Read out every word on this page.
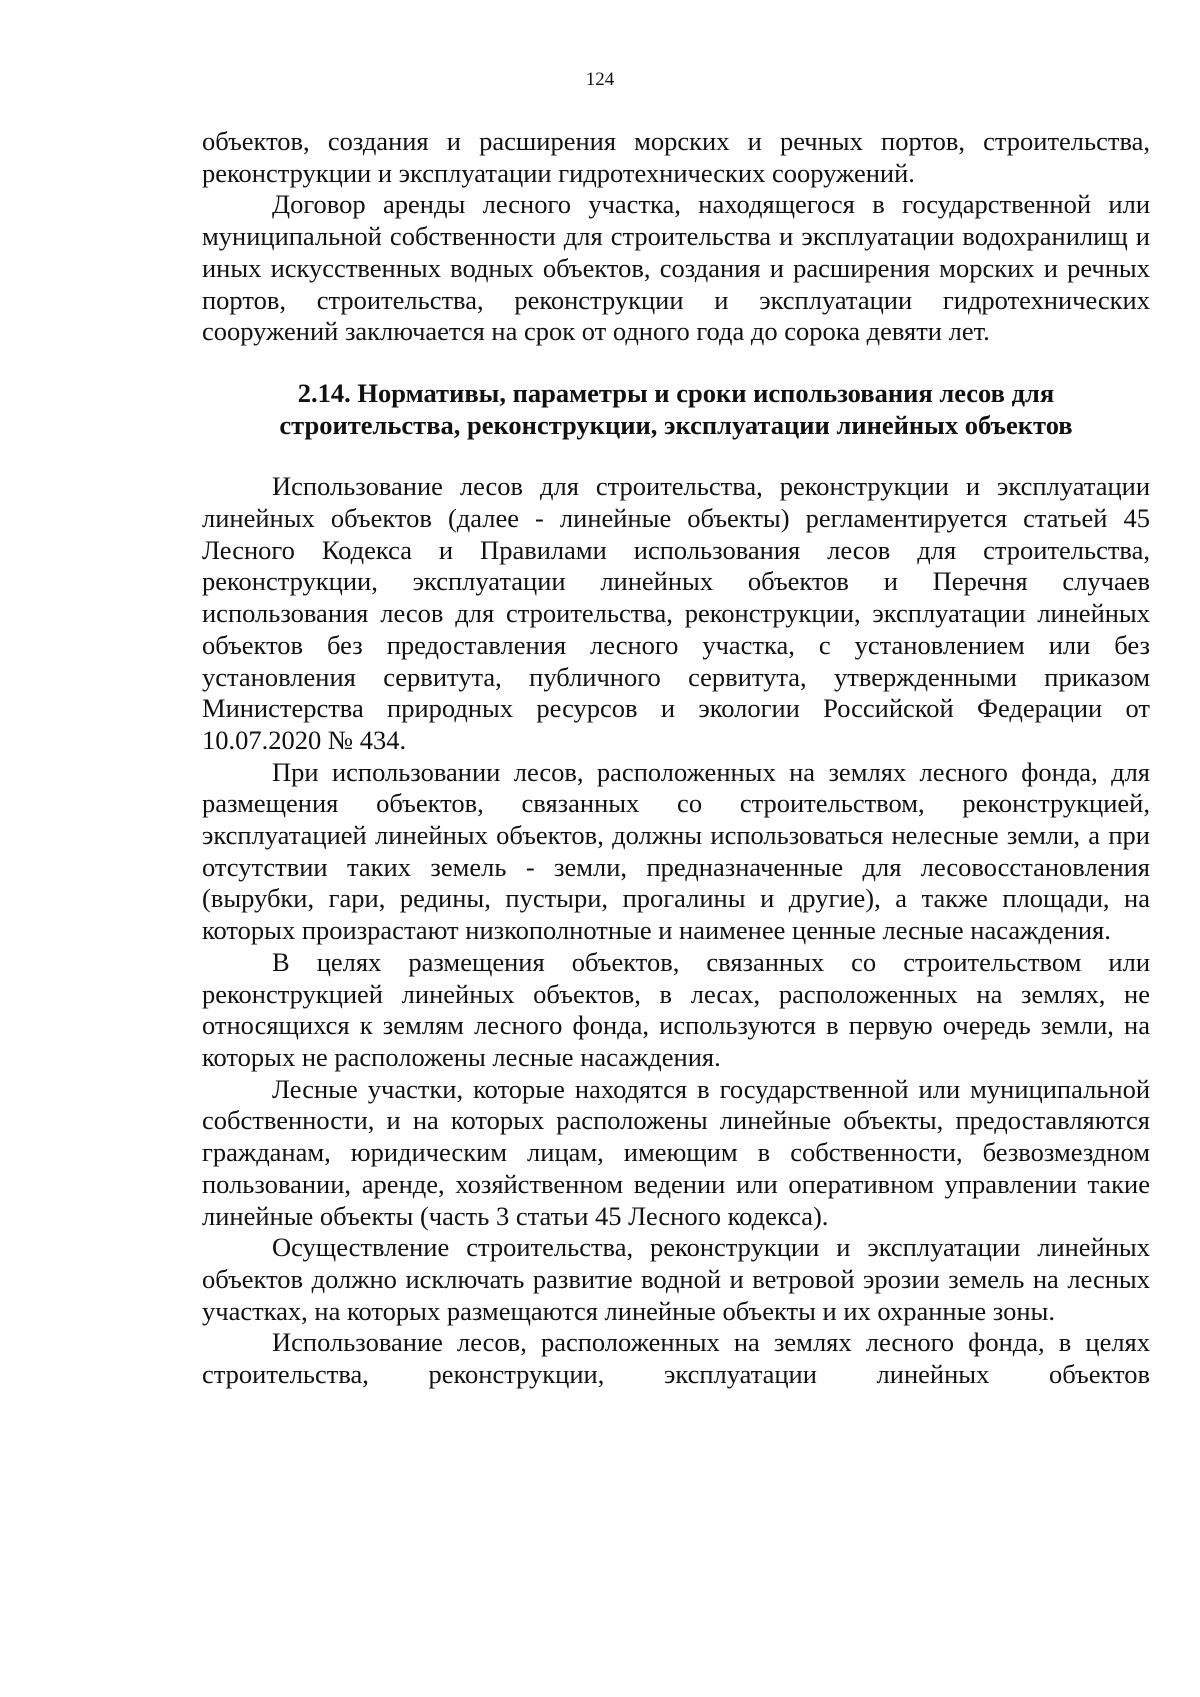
124

объектов, создания и расширения морских и речных портов, строительства, реконструкции и эксплуатации гидротехнических сооружений.

Договор аренды лесного участка, находящегося в государственной или муниципальной собственности для строительства и эксплуатации водохранилищ и иных искусственных водных объектов, создания и расширения морских и речных портов, строительства, реконструкции и эксплуатации гидротехнических сооружений заключается на срок от одного года до сорока девяти лет.

2.14. Нормативы, параметры и сроки использования лесов для
строительства, реконструкции, эксплуатации линейных объектов

Использование лесов для строительства, реконструкции и эксплуатации линейных объектов (далее - линейные объекты) регламентируется статьей 45 Лесного Кодекса и Правилами использования лесов для строительства, реконструкции, эксплуатации линейных объектов и Перечня случаев использования лесов для строительства, реконструкции, эксплуатации линейных объектов без предоставления лесного участка, с установлением или без установления сервитута, публичного сервитута, утвержденными приказом Министерства природных ресурсов и экологии Российской Федерации от 10.07.2020 № 434.

При использовании лесов, расположенных на землях лесного фонда, для размещения объектов, связанных со строительством, реконструкцией, эксплуатацией линейных объектов, должны использоваться нелесные земли, а при отсутствии таких земель - земли, предназначенные для лесовосстановления (вырубки, гари, редины, пустыри, прогалины и другие), а также площади, на которых произрастают низкополнотные и наименее ценные лесные насаждения.

В целях размещения объектов, связанных со строительством или реконструкцией линейных объектов, в лесах, расположенных на землях, не относящихся к землям лесного фонда, используются в первую очередь земли, на которых не расположены лесные насаждения.

Лесные участки, которые находятся в государственной или муниципальной собственности, и на которых расположены линейные объекты, предоставляются гражданам, юридическим лицам, имеющим в собственности, безвозмездном пользовании, аренде, хозяйственном ведении или оперативном управлении такие линейные объекты (часть 3 статьи 45 Лесного кодекса).

Осуществление строительства, реконструкции и эксплуатации линейных объектов должно исключать развитие водной и ветровой эрозии земель на лесных участках, на которых размещаются линейные объекты и их охранные зоны.

Использование лесов, расположенных на землях лесного фонда, в целях строительства, реконструкции, эксплуатации линейных объектов
